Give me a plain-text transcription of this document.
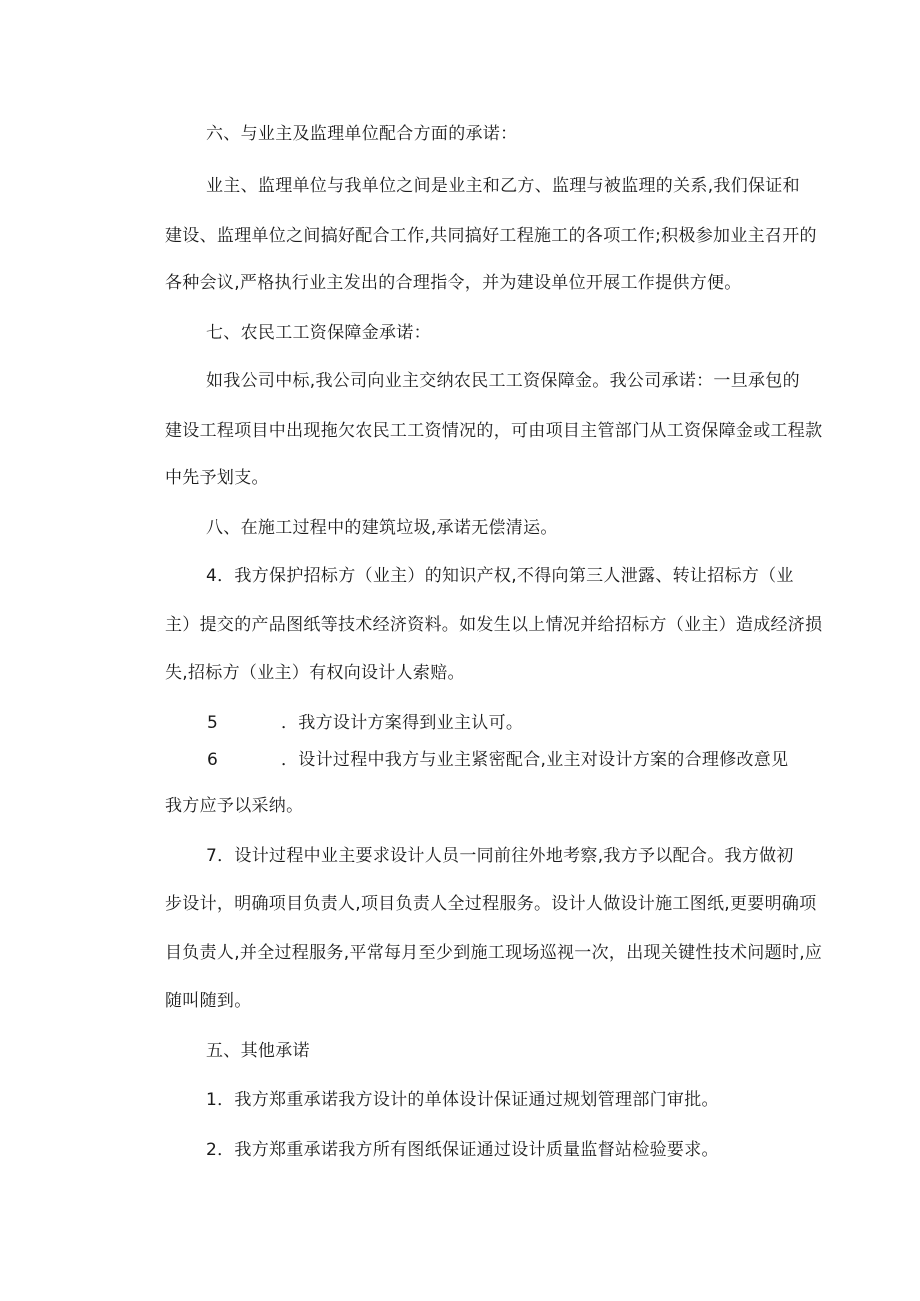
六、与业主及监理单位配合方面的承诺：
业主、监理单位与我单位之间是业主和乙方、监理与被监理的关系,我们保证和
建设、监理单位之间搞好配合工作,共同搞好工程施工的各项工作;积极参加业主召开的
各种会议,严格执行业主发出的合理指令，并为建设单位开展工作提供方便。
七、农民工工资保障金承诺：
如我公司中标,我公司向业主交纳农民工工资保障金。我公司承诺：一旦承包的
建设工程项目中出现拖欠农民工工资情况的，可由项目主管部门从工资保障金或工程款
中先予划支。
八、在施工过程中的建筑垃圾,承诺无偿清运。
4．我方保护招标方（业主）的知识产权,不得向第三人泄露、转让招标方（业
主）提交的产品图纸等技术经济资料。如发生以上情况并给招标方（业主）造成经济损
失,招标方（业主）有权向设计人索赔。
5	．我方设计方案得到业主认可。
6	．设计过程中我方与业主紧密配合,业主对设计方案的合理修改意见
我方应予以采纳。
7．设计过程中业主要求设计人员一同前往外地考察,我方予以配合。我方做初
步设计，明确项目负责人,项目负责人全过程服务。设计人做设计施工图纸,更要明确项
目负责人,并全过程服务,平常每月至少到施工现场巡视一次，出现关键性技术问题时,应
随叫随到。
五、其他承诺
1．我方郑重承诺我方设计的单体设计保证通过规划管理部门审批。
2．我方郑重承诺我方所有图纸保证通过设计质量监督站检验要求。
